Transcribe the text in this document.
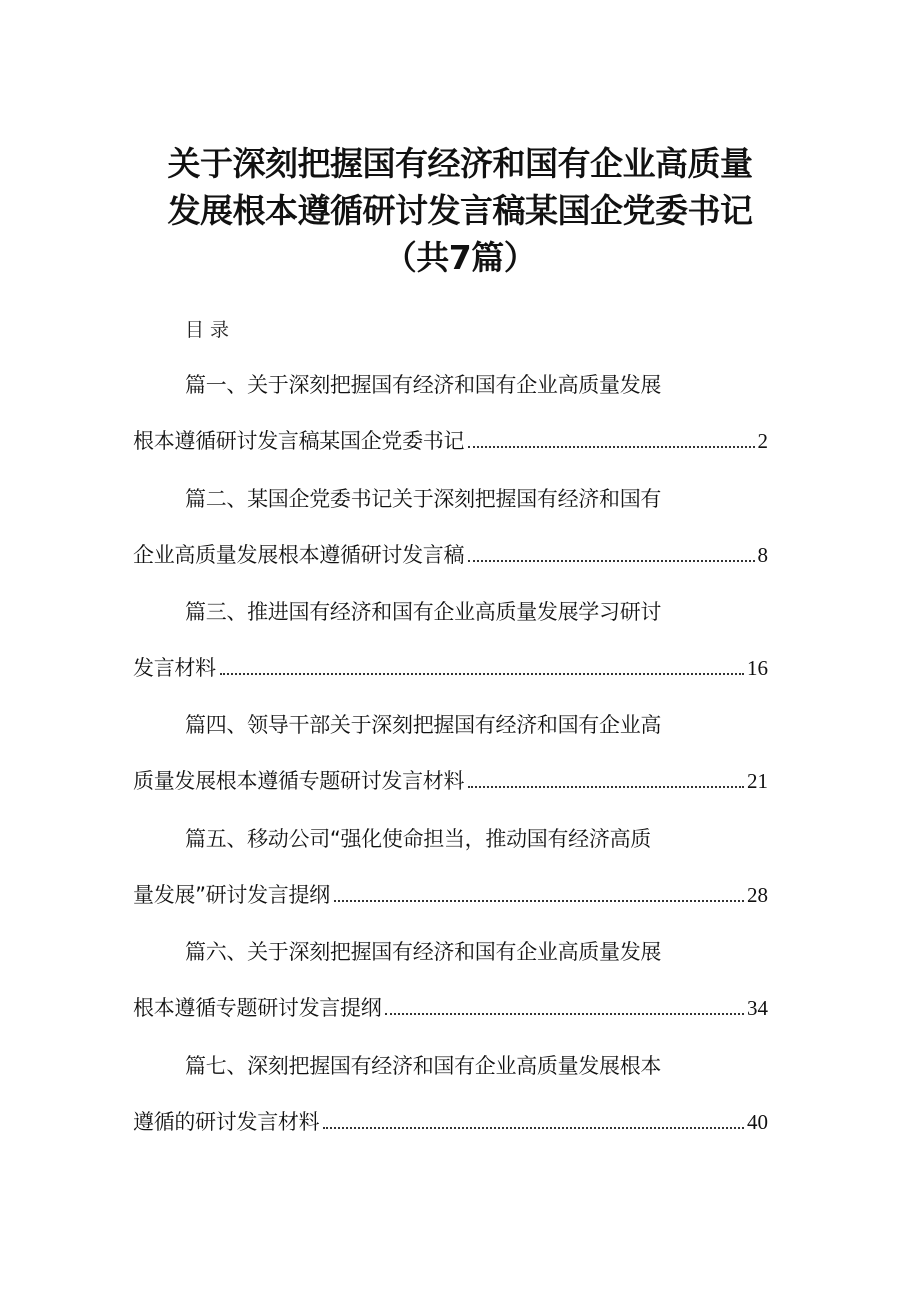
关于深刻把握国有经济和国有企业高质量
发展根本遵循研讨发言稿某国企党委书记
（共7篇）
目录
篇一、关于深刻把握国有经济和国有企业高质量发展
根本遵循研讨发言稿某国企党委书记	2
篇二、某国企党委书记关于深刻把握国有经济和国有
企业高质量发展根本遵循研讨发言稿	8
篇三、推进国有经济和国有企业高质量发展学习研讨
发言材料	16
篇四、领导干部关于深刻把握国有经济和国有企业高
质量发展根本遵循专题研讨发言材料	21
篇五、移动公司“强化使命担当，推动国有经济高质
量发展”研讨发言提纲	28
篇六、关于深刻把握国有经济和国有企业高质量发展
根本遵循专题研讨发言提纲	34
篇七、深刻把握国有经济和国有企业高质量发展根本
遵循的研讨发言材料	40
